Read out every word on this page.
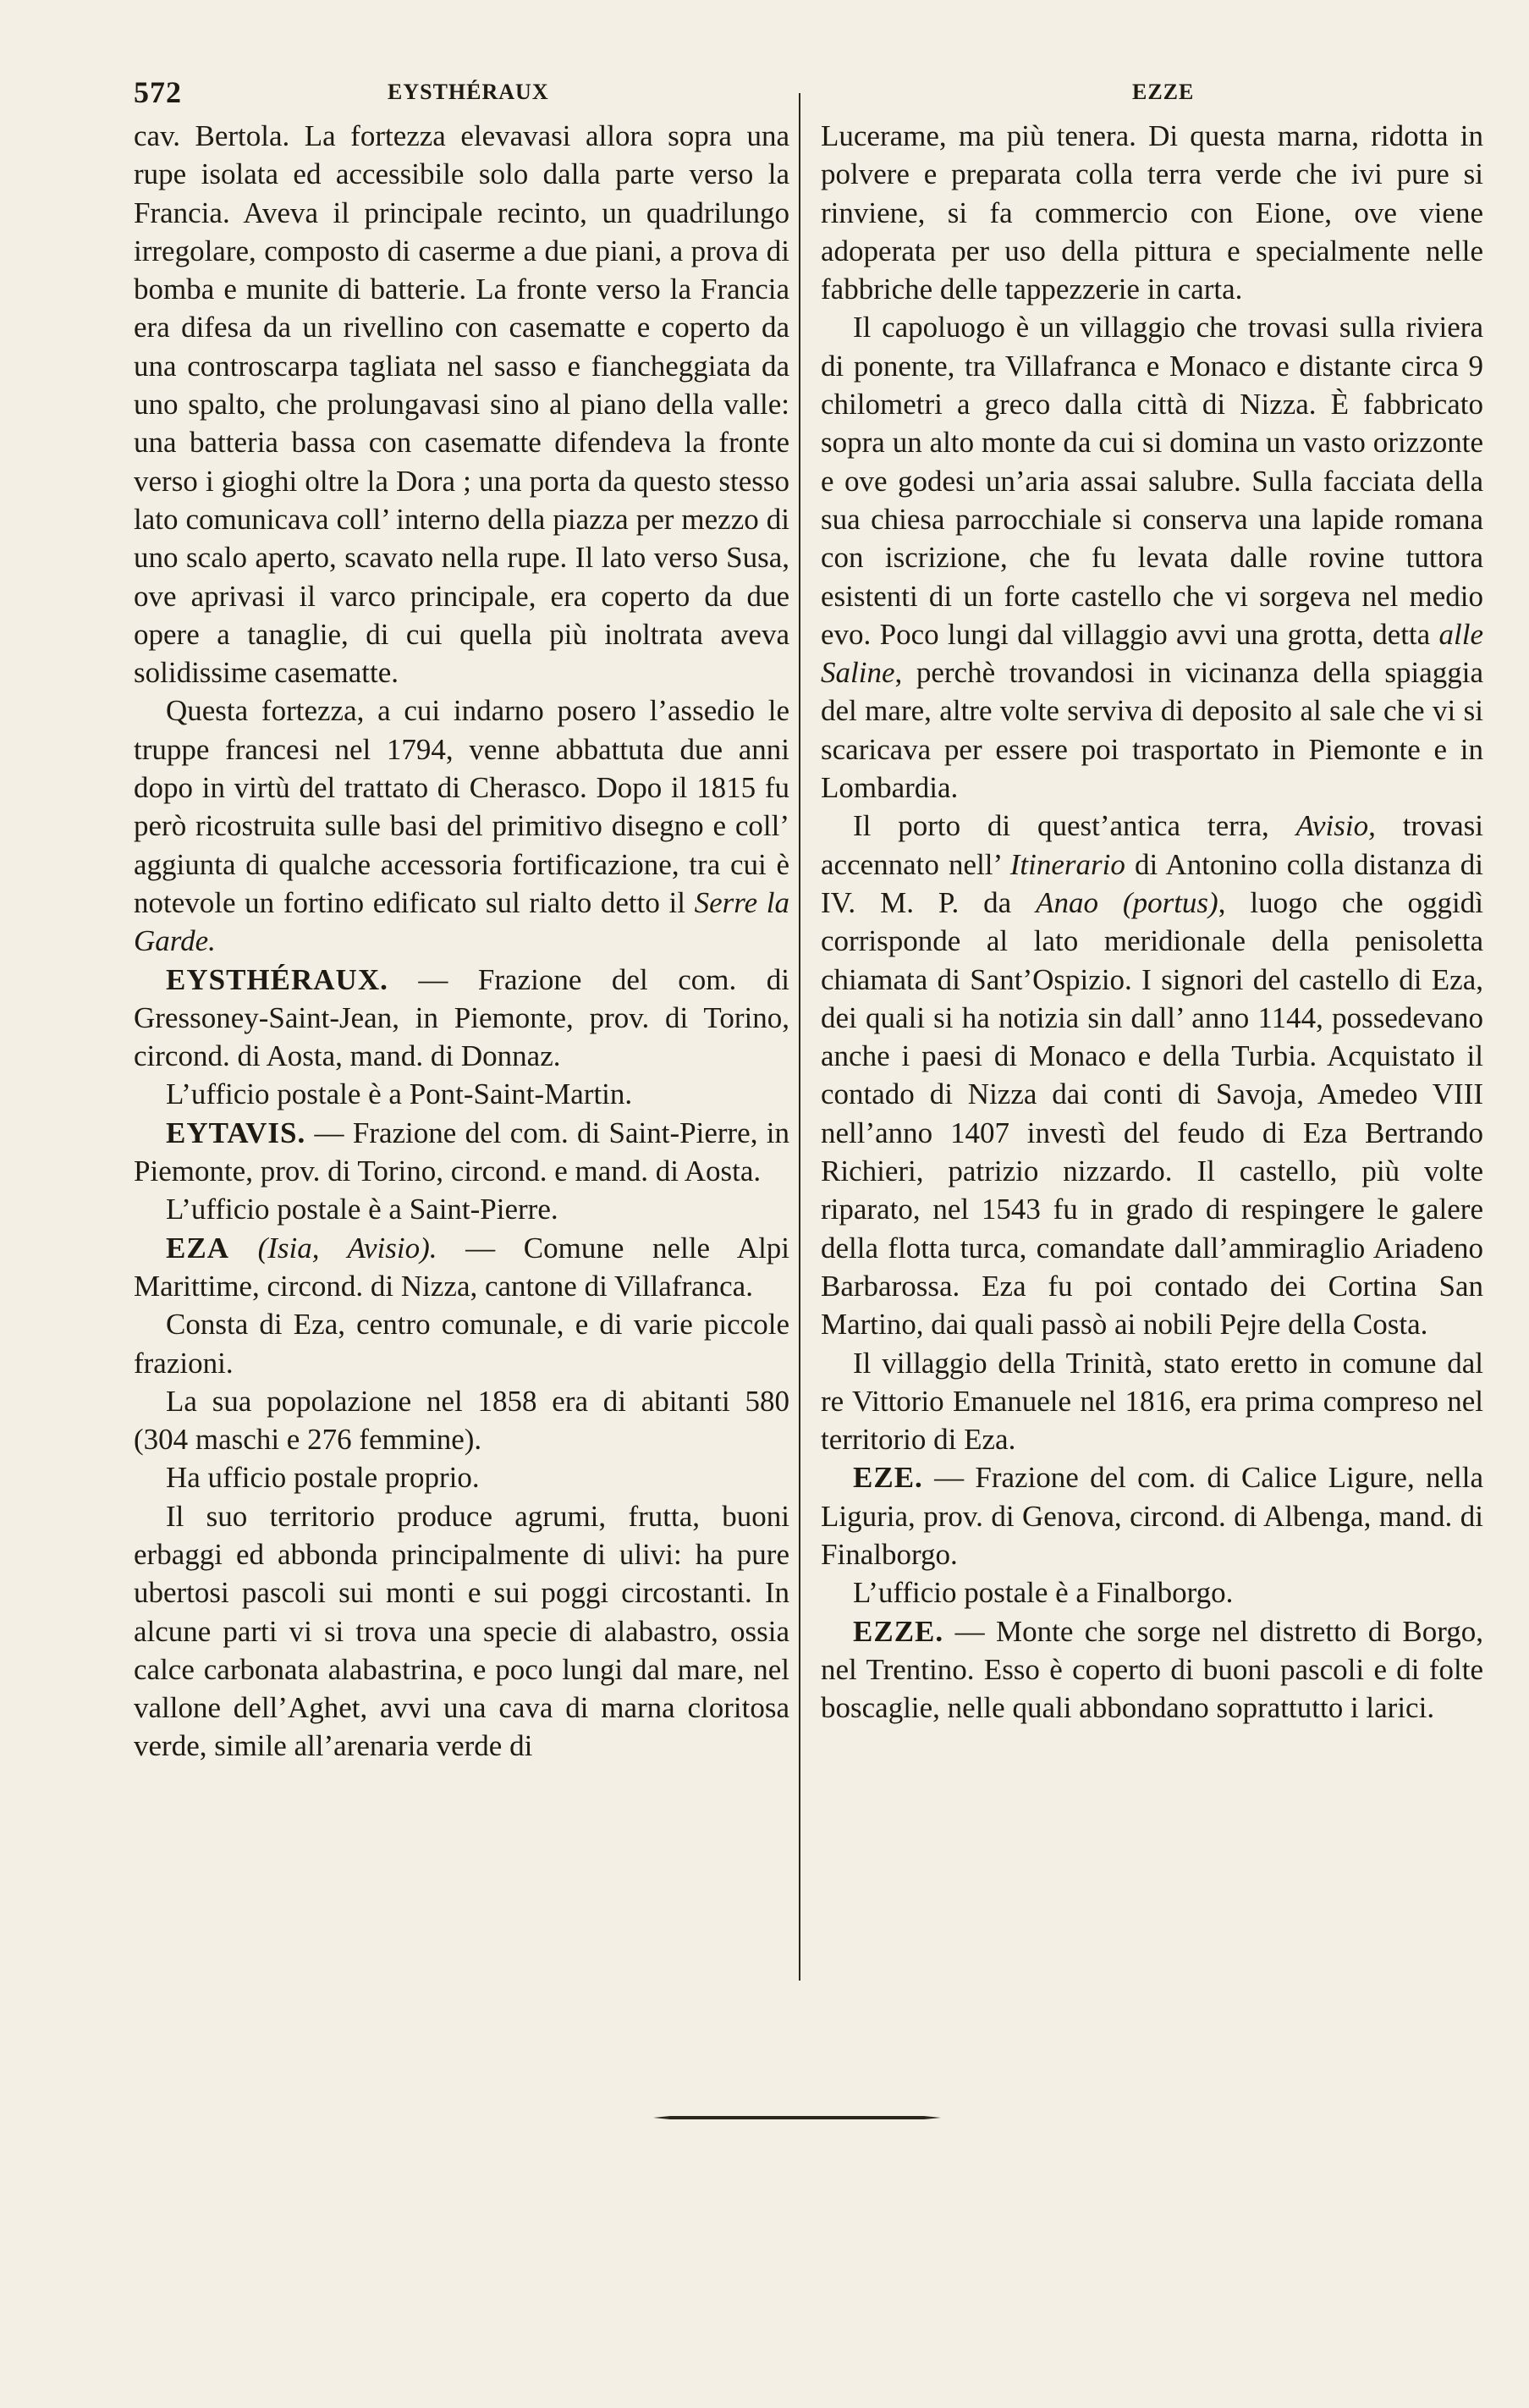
572	EYSTHÉRAUX	EZZE

cav. Bertola. La fortezza elevavasi allora sopra una rupe isolata ed accessibile solo dalla parte verso la Francia. Aveva il principale recinto, un quadrilungo irregolare, composto di caserme a due piani, a prova di bomba e munite di batterie. La fronte verso la Francia era difesa da un rivellino con casematte e coperto da una controscarpa tagliata nel sasso e fiancheggiata da uno spalto, che prolungavasi sino al piano della valle: una batteria bassa con casematte difendeva la fronte verso i gioghi oltre la Dora ; una porta da questo stesso lato comunicava coll’ interno della piazza per mezzo di uno scalo aperto, scavato nella rupe. Il lato verso Susa, ove aprivasi il varco principale, era coperto da due opere a tanaglie, di cui quella più inoltrata aveva solidissime casematte.

Questa fortezza, a cui indarno posero l’assedio le truppe francesi nel 1794, venne abbattuta due anni dopo in virtù del trattato di Cherasco. Dopo il 1815 fu però ricostruita sulle basi del primitivo disegno e coll’ aggiunta di qualche accessoria fortificazione, tra cui è notevole un fortino edificato sul rialto detto il Serre la Garde.

EYSTHÉRAUX. — Frazione del com. di Gressoney-Saint-Jean, in Piemonte, prov. di Torino, circond. di Aosta, mand. di Donnaz.

L’ufficio postale è a Pont-Saint-Martin.

EYTAVIS. — Frazione del com. di Saint-Pierre, in Piemonte, prov. di Torino, circond. e mand. di Aosta.

L’ufficio postale è a Saint-Pierre.

EZA (Isia, Avisio). — Comune nelle Alpi Marittime, circond. di Nizza, cantone di Villafranca.

Consta di Eza, centro comunale, e di varie piccole frazioni.

La sua popolazione nel 1858 era di abitanti 580 (304 maschi e 276 femmine).

Ha ufficio postale proprio.

Il suo territorio produce agrumi, frutta, buoni erbaggi ed abbonda principalmente di ulivi: ha pure ubertosi pascoli sui monti e sui poggi circostanti. In alcune parti vi si trova una specie di alabastro, ossia calce carbonata alabastrina, e poco lungi dal mare, nel vallone dell’Aghet, avvi una cava di marna cloritosa verde, simile all’arenaria verde di

Lucerame, ma più tenera. Di questa marna, ridotta in polvere e preparata colla terra verde che ivi pure si rinviene, si fa commercio con Eione, ove viene adoperata per uso della pittura e specialmente nelle fabbriche delle tappezzerie in carta.

Il capoluogo è un villaggio che trovasi sulla riviera di ponente, tra Villafranca e Monaco e distante circa 9 chilometri a greco dalla città di Nizza. È fabbricato sopra un alto monte da cui si domina un vasto orizzonte e ove godesi un’aria assai salubre. Sulla facciata della sua chiesa parrocchiale si conserva una lapide romana con iscrizione, che fu levata dalle rovine tuttora esistenti di un forte castello che vi sorgeva nel medio evo. Poco lungi dal villaggio avvi una grotta, detta alle Saline, perchè trovandosi in vicinanza della spiaggia del mare, altre volte serviva di deposito al sale che vi si scaricava per essere poi trasportato in Piemonte e in Lombardia.

Il porto di quest’antica terra, Avisio, trovasi accennato nell’ Itinerario di Antonino colla distanza di IV. M. P. da Anao (portus), luogo che oggidì corrisponde al lato meridionale della penisoletta chiamata di Sant’Ospizio. I signori del castello di Eza, dei quali si ha notizia sin dall’ anno 1144, possedevano anche i paesi di Monaco e della Turbia. Acquistato il contado di Nizza dai conti di Savoja, Amedeo VIII nell’anno 1407 investì del feudo di Eza Bertrando Richieri, patrizio nizzardo. Il castello, più volte riparato, nel 1543 fu in grado di respingere le galere della flotta turca, comandate dall’ammiraglio Ariadeno Barbarossa. Eza fu poi contado dei Cortina San Martino, dai quali passò ai nobili Pejre della Costa.

Il villaggio della Trinità, stato eretto in comune dal re Vittorio Emanuele nel 1816, era prima compreso nel territorio di Eza.

EZE. — Frazione del com. di Calice Ligure, nella Liguria, prov. di Genova, circond. di Albenga, mand. di Finalborgo.

L’ufficio postale è a Finalborgo.

EZZE. — Monte che sorge nel distretto di Borgo, nel Trentino. Esso è coperto di buoni pascoli e di folte boscaglie, nelle quali abbondano soprattutto i larici.
